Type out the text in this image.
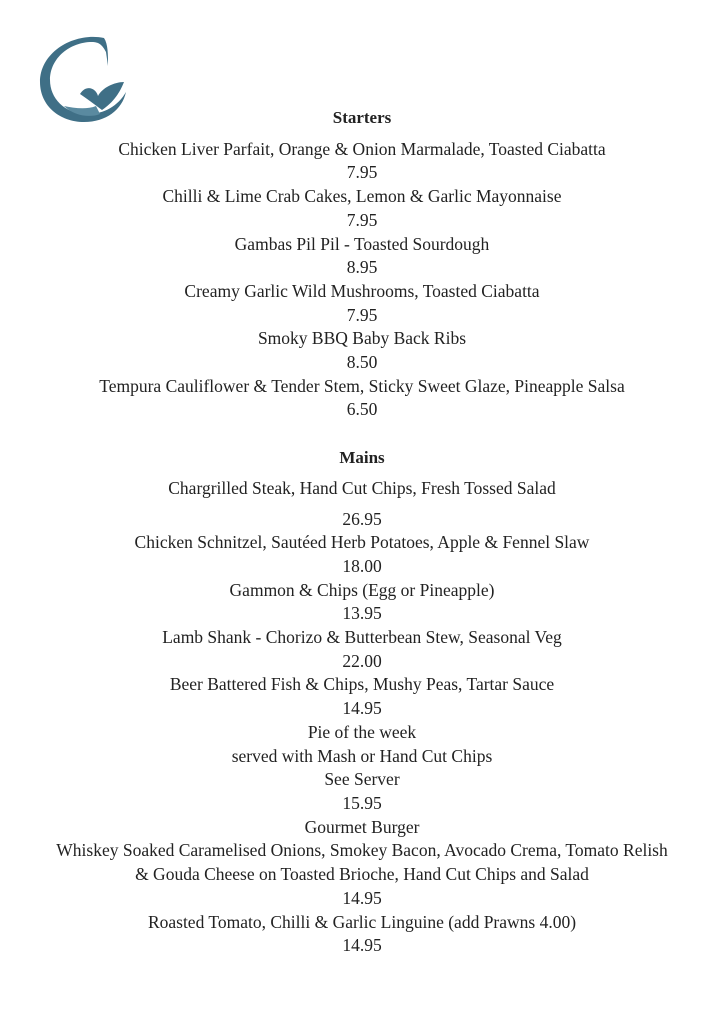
Starters
Chicken Liver Parfait, Orange & Onion Marmalade, Toasted Ciabatta
7.95
Chilli & Lime Crab Cakes, Lemon & Garlic Mayonnaise
7.95
Gambas Pil Pil - Toasted Sourdough
8.95
Creamy Garlic Wild Mushrooms, Toasted Ciabatta
7.95
Smoky BBQ Baby Back Ribs
8.50
Tempura Cauliflower & Tender Stem, Sticky Sweet Glaze, Pineapple Salsa
6.50
Mains
Chargrilled Steak, Hand Cut Chips, Fresh Tossed Salad
26.95
Chicken Schnitzel, Sautéed Herb Potatoes, Apple & Fennel Slaw
18.00
Gammon & Chips (Egg or Pineapple)
13.95
Lamb Shank - Chorizo & Butterbean Stew, Seasonal Veg
22.00
Beer Battered Fish & Chips, Mushy Peas, Tartar Sauce
14.95
Pie of the week
served with Mash or Hand Cut Chips
See Server
15.95
Gourmet Burger
Whiskey Soaked Caramelised Onions, Smokey Bacon, Avocado Crema, Tomato Relish
& Gouda Cheese on Toasted Brioche, Hand Cut Chips and Salad
14.95
Roasted Tomato, Chilli & Garlic Linguine (add Prawns 4.00)
14.95
